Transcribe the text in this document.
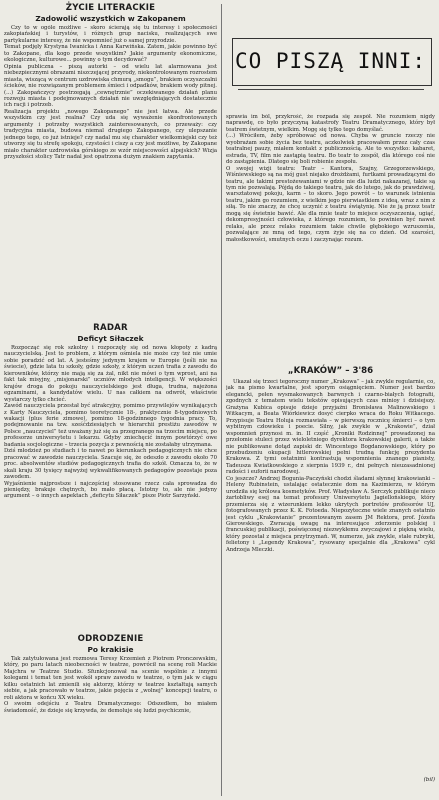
ŻYCIE LITERACKIE

Zadowolić wszystkich w Zakopanem

Czy to w ogóle możliwe – skoro ścierają się tu interesy i społeczności zakopiańskiej i turystów, i różnych grup nacisku, realizujących swe partykularne interesy, że nie wspomnieć już o samej przyrodzie.
Temat podjęły Krystyna Iwanicka i Anna Karwińska. Zatem, jakie powinno być to Zakopane, dla kogo przede wszystkim? Jakie argumenty ekonomiczne, ekologiczne, kulturowe... powinny o tym decydować?
Opinia publiczna – piszą autorki – od wielu lat alarmowana jest niebezpiecznymi obrazami niszczejącej przyrody, niekontrolowanym rozrostem miasta, wiszącą w centrum uzdrowiska chmurą „smogu”, brakiem oczyszczalni ścieków, nie rozwiązanym problemem śmieci i odpadków, brakiem wody pitnej. (...) Zakopańczycy postrzegają „cewnętrznie” oczekiwanego działań planu rozwoju miasta i podejmowanych działań nie uwzględniających dostatecznie ich racji i potrzeb.
Realizacja projektu „nowego Zakopanego” nie jest łatwa. Ale przede wszystkim czy jest realna? Czy uda się wyważenie skonfrontowanych argumenty i potrzeby wszystkich zainteresowanych, co przeważy: czy tradycyjna miasta, budowa niemal drugiego Zakopanego, czy ulepszanie jednego tego, co już istnieje? czy nadal mu się charakter wielkomiejski czy też utworzy się tu strefę spokoju, czystości i ciszy a czy jest możliwe, by Zakopane miało charakter uzdrowiska górskiego ze wzór miejscowości alpejskich? Wizja przyszłości stolicy Tatr nadal jest opatrzona dużym znakiem zapytania.

RADAR

Deficyt Siłaczek

Rozpocząć się rok szkolny i rozpoczęły się od nowa kłopoty z kadrą nauczycielską. Jest to problem, z którym ośmiela nie może czy też nie umie sobie poradzić od lat. A jesteśmy jedynym krajem w Europie (jeśli nie na świecie), gdzie lata tu szkoły, gdzie szkoły, z którym uczeń trafia z zawodu do kierowników, którzy nie mają się za żal, nikt nie mówi o tym wprost, ani na fakt tak misyjny, „misjonarski” uczniów młodych inteligencji. W większości krajów droga do pokoju nauczycielskiego jest długa, trudna, najeżona egzaminami, a kandydatów wielu. U nas całkiem na odwrót, właściwie wystarczy tylko chcieć.
Zawód nauczyciela przestał być atrakcyjny, pomimo przywilejów wynikających z Karty Nauczyciela, pomimo teoretycznie 18-, praktycznie 8-tygodniowych wakacji (plus ferie zimowe), pomimo 18-godzinnego tygodnia pracy. To, podejmowanie na tzw. sześćdziesiątych w hierarchii prestiżu zawodów w Polsce „nauczyciel” też uważany już się za przegranego na trzecim miejscu, po profesorze uniwersytetu i lekarzu. Gdyby zniechęcić innym powtórzyć owe badania socjologiczne – trzecia pozycja z pewnością nie zostałaby utrzymana.
Dziś młodzież po studiach i to nawet po kierunkach pedagogicznych nie chce pracować w zawodzie nauczyciela. Szacuje się, że odeszło z zawodu około 70 proc. absolwentów studiów pedagogicznych trafia do szkół. Oznacza to, że w skali kraju 30 tysięcy najwyżej wykwalifikowanych pedagogów pozostaje poza zawodem.
Wyjaśnienie najprostsze i najczęściej stosowane rzecz cała sprowadza do pieniędzy, brakuje chętnych, bo mało płacą. Istotny to, ale nie jedyny argument – o innych aspektach „deficytu Siłaczek” pisze Piotr Sarzyński.

ODRODZENIE

Po krakisie

Tak zatytułowana jest rozmowa Teresy Krzemień z Piotrem Pronczewskim, który, po paru latach nieobecności w teatrze, powrócił na scenę roli Mackie Majchra w Teatrze Studio. Sfunkcjonował na scenie wspólnie z innymi kolegami i temat ten jest wokół spraw zawodu w teatrze, o tym jak w ciągu kilku ostatnich lat zmienili się aktorzy, którzy w teatrze kształtują samych siebie, a jak pracowało w teatrze, jakie pojęcia z „wolnej” koncepcji teatru, o roli aktora w końcu XX wieku.
O swoim odejściu z Teatru Dramatycznego: Odszedłem, bo miałem świadomość, że dzieje się krzywda, że demoluje się ludzi psychicznie,

CO PISZĄ INNI:

sprawia im ból, przykrość, że rozpada się zespół. Nie rozumiem nigdy naprawdę, co było przyczyną katastrofy Teatru Dramatycznego, który był teatrem świetnym, wielkim. Mogę się tylko tego domyślać.
(...) Wróciłem, żeby spróbować od nowa. Chyba w gruncie rzeczy nie wyobrażam sobie życia bez teatru, aczkolwiek pracowałem przez cały czas teatralnej pauzy, miałem kontakt z publicznością. Ale to wszystko: kabaret, estrada, TV, film nie zastąpią teatru. Bo teatr to zespół, dla którego coś nie do zastąpienia. Dlatego się boli robienie zespołu.
O swojej wizji teatru: Teatr – Kantora, Szajny, Grzegorzewskiego, Wiśniewskiego są na mój gust niejako drożdżami, furtkami prowadzącymi do teatru, ale takimi prestożewaniami w gdzie nie dla ludzi nakazanej, takie są tym nie pozwalają. Pójdą do takiego teatru, jak do lutego, jak do prawdziwej, warsztatowej pokoju, karm – to skoro. Jego powrót – to warunek istnienia teatru, jakim go rozumiem, z wielkim jego pierwiastkiem z ideą, wraz z nim z siłą. To nie znaczy, że chcę uczynić z teatru świątynię. Nie że ją przez teatr mogą się świetnie bawić. Ale dla mnie teatr to miejsce oczyszczenia, ugiąć, dekompresyjności człowieka, z którego rozumiem, to powinien być nawet relaks, ale przez relaks rozumiem takie chwile głębokiego wzruszenia, pozwalające ze mną od tego, czym żyje się na co dzień. Od szarości, małostkowości, smutnych oczu i zaczynając rozum.

„KRAKÓW” – 3'86

Ukazał się trzeci tegoroczny numer „Krakowa” – jak zwykle regularnie, co, jak na pismo kwartalne, jest sporym osiągnięciem. Numer jest bardzo elegancki, pełen wysmakowanych barwnych i czarno-białych fotografii, zgodnych z tematem wielu tekstów opisujących czas minioy i dzisiejszy. Grażyna Kubica opisuje dzieje przyjaźni Bronisława Malinowskiego i Witkacym, a Beata Wiórkiewicz dosyć cierpko wraca do Roku Witkacego. Przypisuje Teatru Holuja rozmawiała – w pierwszą rocznicę śmierci – o tym wybitnym człowieku i poecie. Silny, jak zwykle w „Krakowie”, dział wspomnień przynosi m. in. II część „Kroniki Rodzinnej” prowadzonej na przełomie stuleci przez wieloletniego dyrektora krakowskiej galerii, a także nie publikowane dotąd zapiski dr. Wincentego Bogdanowskiego, który po przebudzeniu okupacji hitlerowskiej pełni trudną funkcję prezydenta Krakowa. Z tymi ostatnimi kontrastują wspomnienia znanego pianisty, Tadeusza Kwiatkowskiego z sierpnia 1939 r., dni pełnych nieuzasadnionej radości i euforii narodowej.
Co jeszcze? Andrzej Bogunia-Paczyński chodzi śladami słynnej krakowianki – Heleny Rubinstein, ustalając ostatecznie dom na Kazimierzu, w którym urodziła się królowa kosmetyków. Prof. Władysław A. Serczyk publikuje nieco żartobliwy esej na temat profesury Uniwersytetu Jagiellońskiego, który przemierza się z wizerunkiem lekko ukrytych portretów profesorów UJ, fotografowanych przez K. K. Fotoeda. Niepozyteczne wiele znanych ostatnio jest cyklu „Krakowianie” prezentowanym zasem JM Rektora, prof. Józefa Gierowskiego. Zwracają uwagę na interesujące zderzenie polskiej i francuskiej publikacji, poświęconej niezwykłemu zwyczajowi z piękną wielu, który pozostał z miejsca przytrzymań. W, numerze, jak zwykle, stałe rubryki, felietony i „Legendy Krakowa”, rysowany specjalnie dla „Krakowa” cykl Andrzeja Mleczki.

(bil)
